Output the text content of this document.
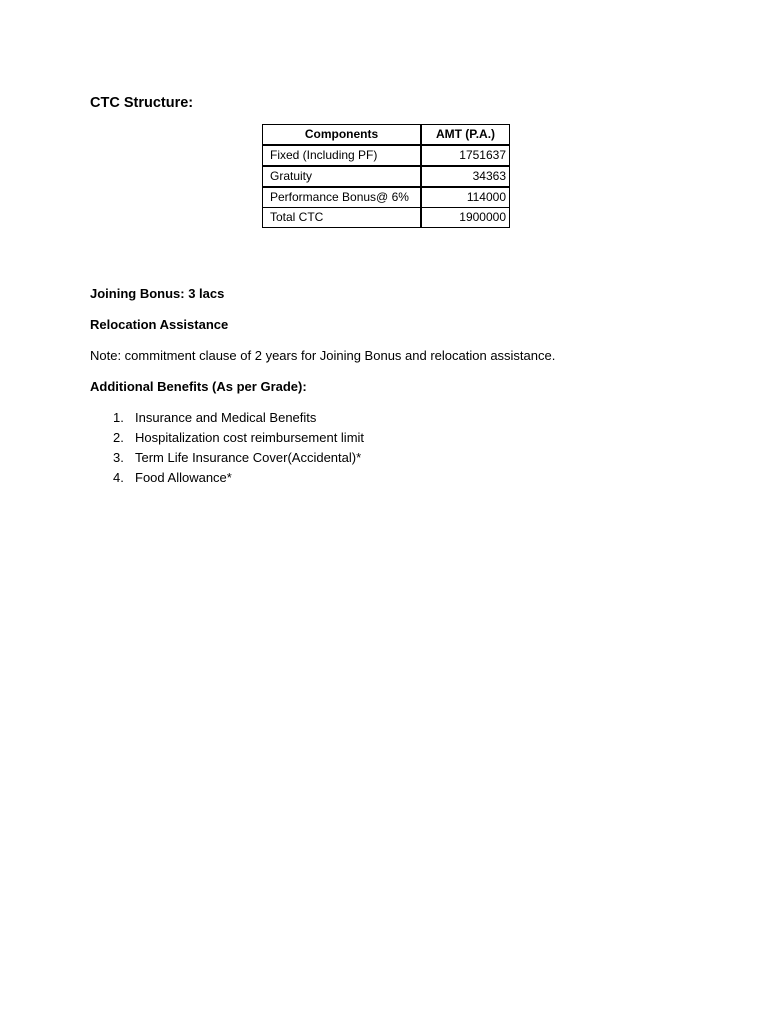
CTC Structure:
Components	AMT (P.A.)
Fixed (Including PF)	1751637
Gratuity	34363
Performance Bonus@ 6%	114000
Total CTC	1900000

Joining Bonus: 3 lacs

Relocation Assistance

Note: commitment clause of 2 years for Joining Bonus and relocation assistance.

Additional Benefits (As per Grade):

1. Insurance and Medical Benefits
2. Hospitalization cost reimbursement limit
3. Term Life Insurance Cover(Accidental)*
4. Food Allowance*
